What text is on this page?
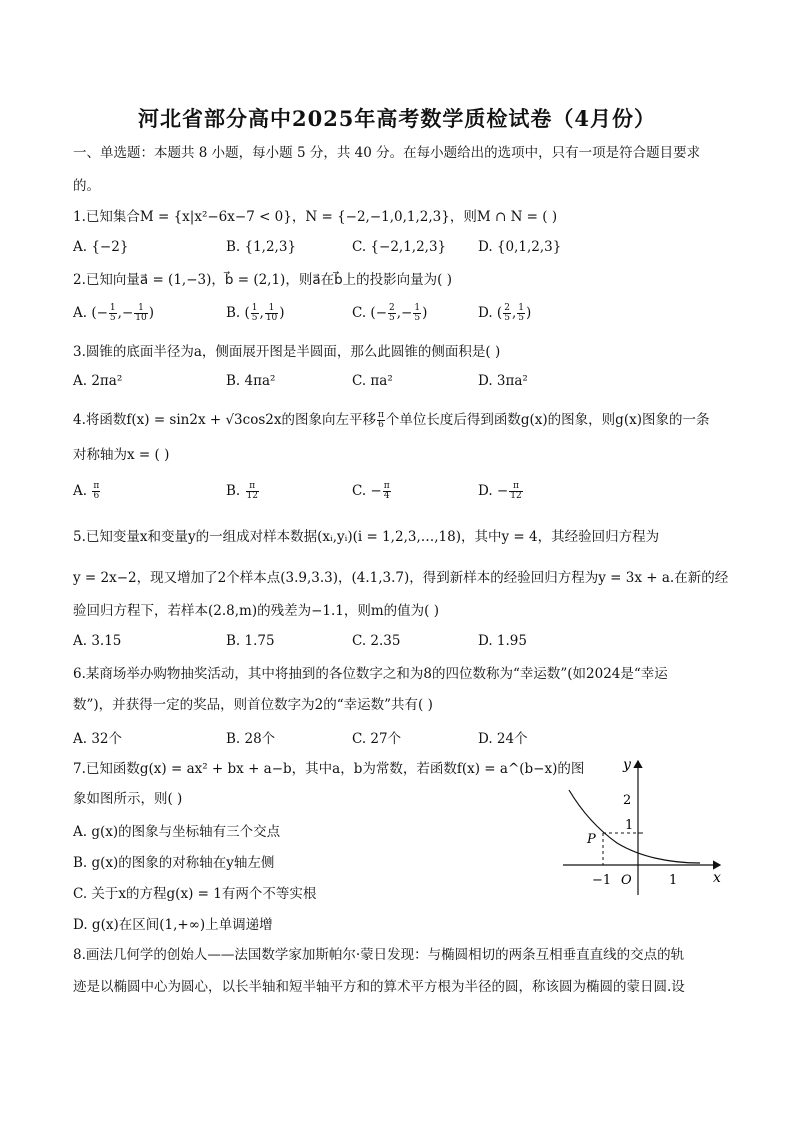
河北省部分高中2025年高考数学质检试卷（4月份）
一、单选题：本题共 8 小题，每小题 5 分，共 40 分。在每小题给出的选项中，只有一项是符合题目要求
的。
1.已知集合M = {x|x²−6x−7 < 0}，N = {−2,−1,0,1,2,3}，则M ∩ N = ( )
A. {−2}	B. {1,2,3}	C. {−2,1,2,3} D. {0,1,2,3}
2.已知向量a⃗ = (1,−3)，b⃗ = (2,1)，则a⃗在b⃗上的投影向量为( )
A. (− $\frac{1}{5}$ ,− $\frac{1}{10}$ )	B. ( $\frac{1}{5}$ , $\frac{1}{10}$ )	C. (− $\frac{2}{5}$ ,− $\frac{1}{5}$ )	D. ( $\frac{2}{5}$ , $\frac{1}{5}$ )
3.圆锥的底面半径为a，侧面展开图是半圆面，那么此圆锥的侧面积是( )
A. 2πa²	B. 4πa²	C. πa²	D. 3πa²
4.将函数f(x) = sin2x + √3cos2x的图象向左平移 $\frac{\pi}{6}$ 个单位长度后得到函数g(x)的图象，则g(x)图象的一条
对称轴为x = ( )
A. $\frac{\pi}{6}$	B. $\frac{\pi}{12}$	C. − $\frac{\pi}{4}$	D. − $\frac{\pi}{12}$
5.已知变量x和变量y的一组成对样本数据(xᵢ,yᵢ)(i = 1,2,3,…,18)，其中y = 4，其经验回归方程为
y = 2x−2，现又增加了2个样本点(3.9,3.3)，(4.1,3.7)，得到新样本的经验回归方程为y = 3x + a.在新的经
验回归方程下，若样本(2.8,m)的残差为−1.1，则m的值为( )
A. 3.15	B. 1.75	C. 2.35	D. 1.95
6.某商场举办购物抽奖活动，其中将抽到的各位数字之和为8的四位数称为“幸运数”(如2024是“幸运
数”)，并获得一定的奖品，则首位数字为2的“幸运数”共有( )
A. 32个	B. 28个	C. 27个	D. 24个
7.已知函数g(x) = ax² + bx + a−b，其中a，b为常数，若函数f(x) = a^(b−x)的图
象如图所示，则( )
A. g(x)的图象与坐标轴有三个交点
B. g(x)的图象的对称轴在y轴左侧
C. 关于x的方程g(x) = 1有两个不等实根
D. g(x)在区间(1,+∞)上单调递增
y
x
2
1
P
−1 O	1
8.画法几何学的创始人——法国数学家加斯帕尔·蒙日发现：与椭圆相切的两条互相垂直直线的交点的轨
迹是以椭圆中心为圆心，以长半轴和短半轴平方和的算术平方根为半径的圆，称该圆为椭圆的蒙日圆.设
